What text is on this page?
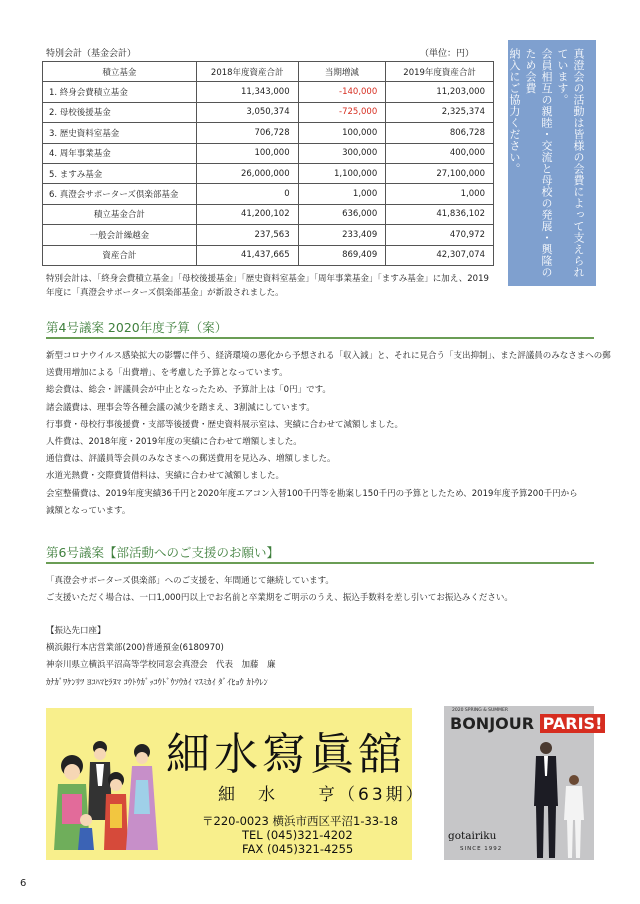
特別会計（基金会計）	（単位：円）
積立基金	2018年度資産合計	当期増減	2019年度資産合計
1. 終身会費積立基金	11,343,000	-140,000	11,203,000
2. 母校後援基金	3,050,374	-725,000	2,325,374
3. 歴史資料室基金	706,728	100,000	806,728
4. 周年事業基金	100,000	300,000	400,000
5. ますみ基金	26,000,000	1,100,000	27,100,000
6. 真澄会サポーターズ倶楽部基金	0	1,000	1,000
積立基金合計	41,200,102	636,000	41,836,102
一般会計繰越金	237,563	233,409	470,972
資産合計	41,437,665	869,409	42,307,074
特別会計は、「終身会費積立基金」「母校後援基金」「歴史資料室基金」「周年事業基金」「ますみ基金」に加え、2019年度に「真澄会サポーターズ倶楽部基金」が新設されました。
真澄会の活動は皆様の会費によって支えられています。
会員相互の親睦・交流と母校の発展・興隆のため会費
納入にご協力ください。
第4号議案 2020年度予算（案）

新型コロナウイルス感染拡大の影響に伴う、経済環境の悪化から予想される「収入減」と、それに見合う「支出抑制」、また評議員のみなさまへの郵

送費用増加による「出費増」、を考慮した予算となっています。

総会費は、総会・評議員会が中止となったため、予算計上は「0円」です。

諸会議費は、理事会等各種会議の減少を踏まえ、3割減にしています。

行事費・母校行事後援費・支部等後援費・歴史資料展示室は、実績に合わせて減額しました。

人件費は、2018年度・2019年度の実績に合わせて増額しました。

通信費は、評議員等会員のみなさまへの郵送費用を見込み、増額しました。

水道光熱費・交際費賃借料は、実績に合わせて減額しました。

会室整備費は、2019年度実績36千円と2020年度エアコン入替100千円等を勘案し150千円の予算としたため、2019年度予算200千円から

減額となっています。

第6号議案【部活動へのご支援のお願い】

「真澄会サポーターズ倶楽部」へのご支援を、年間通じて継続しています。

ご支援いただく場合は、一口1,000円以上でお名前と卒業期をご明示のうえ、振込手数料を差し引いてお振込みください。

【振込先口座】

横浜銀行本店営業部(200)普通預金(6180970)

神奈川県立横浜平沼高等学校同窓会真澄会　代表　加藤　廉

ｶﾅｶﾞﾜｹﾝﾘﾂ ﾖｺﾊﾏﾋﾗﾇﾏ ｺｳﾄｳｶﾞｯｺｳﾄﾞｳｿｳｶｲ ﾏｽﾐｶｲ ﾀﾞｲﾋｮｳ ｶﾄｳﾚﾝ

細水寫眞舘
細　水　　亨（63期）
〒220-0023 横浜市西区平沼1-33-18
TEL (045)321-4202
FAX (045)321-4255
2020 SPRING & SUMMER
BONJOUR PARIS!
gotairiku
SINCE 1992
6
